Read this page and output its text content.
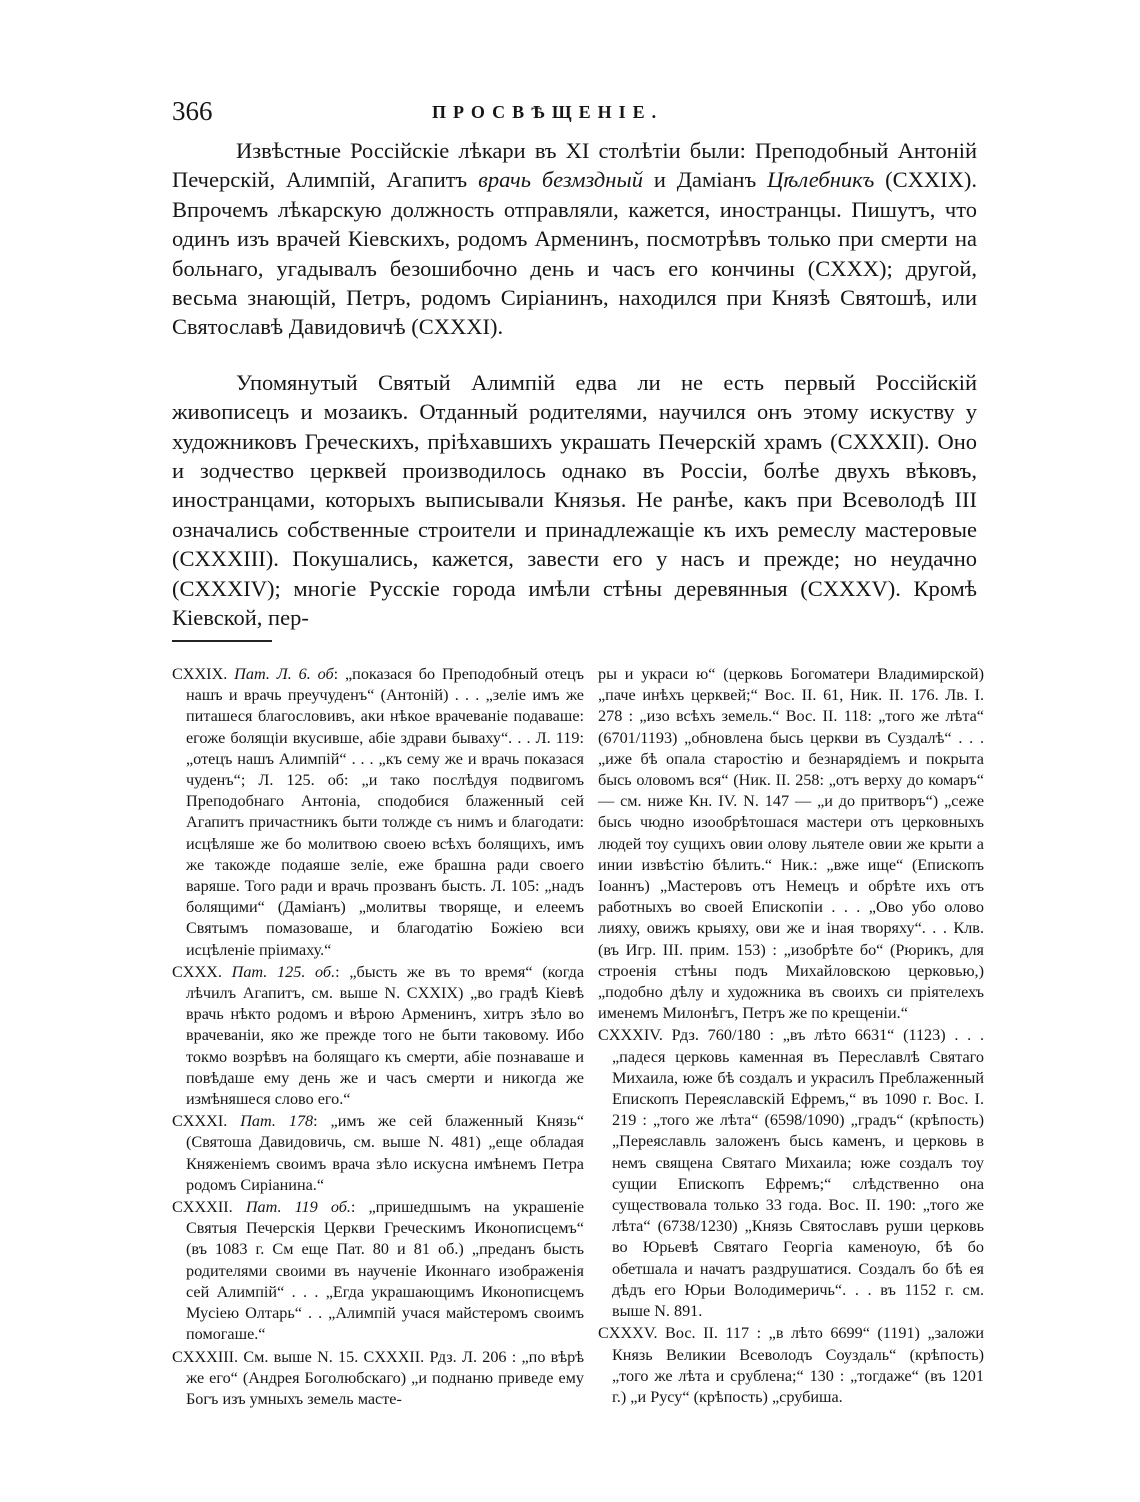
366	ПРОСВѢЩЕНIЕ.

Извѣстные Россiйскiе лѣкари въ XI столѣтiи были: Преподобный Антонiй Печерскiй, Алимпiй, Агапитъ врачь безмздный и Дамiанъ Цѣлебникъ (CXXIX). Впрочемъ лѣкарскую должность отправляли, кажется, иностранцы. Пишутъ, что одинъ изъ врачей Кiевскихъ, родомъ Арменинъ, посмотрѣвъ только при смерти на больнаго, угадывалъ безошибочно день и часъ его кончины (CXXX); другой, весьма знающiй, Петръ, родомъ Сирiанинъ, находился при Князѣ Святошѣ, или Святославѣ Давидовичѣ (CXXXI).

Упомянутый Святый Алимпiй едва ли не есть первый Россiйскiй живописецъ и мозаикъ. Отданный родителями, научился онъ этому искуству у художниковъ Греческихъ, прiѣхавшихъ украшать Печерскiй храмъ (CXXXII). Оно и зодчество церквей производилось однако въ Россiи, болѣе двухъ вѣковъ, иностранцами, которыхъ выписывали Князья. Не ранѣе, какъ при Всеволодѣ III означались собственные строители и принадлежащiе къ ихъ ремеслу мастеровые (CXXXIII). Покушались, кажется, завести его у насъ и прежде; но неудачно (CXXXIV); многiе Русскiе города имѣли стѣны деревянныя (CXXXV). Кромѣ Кiевской, пер-

CXXIX. Пат. Л. 6. об: „показася бо Преподобный отецъ нашъ и врачь преучуденъ“ (Антонiй) . . . „зелiе имъ же питашеся благословивъ, аки нѣкое врачеванiе подаваше: егоже болящiи вкусивше, абiе здрави бываху“. . . Л. 119: „отецъ нашъ Алимпiй“ . . . „къ сему же и врачь показася чуденъ“; Л. 125. об: „и тако послѣдуя подвигомъ Преподобнаго Антонiа, сподобися блаженный сей Агапитъ причастникъ быти толжде съ нимъ и благодати: исцѣляше же бо молитвою своею всѣхъ болящихъ, имъ же такожде подаяше зелiе, еже брашна ради своего варяше. Того ради и врачь прозванъ бысть. Л. 105: „надъ болящими“ (Дамiанъ) „молитвы творяще, и елеемъ Святымъ помазоваше, и благодатiю Божiею вси исцѣленiе прiимаху.“

CXXX. Пат. 125. об.: „бысть же въ то время“ (когда лѣчилъ Агапитъ, см. выше N. CXXIX) „во градѣ Кiевѣ врачь нѣкто родомъ и вѣрою Арменинъ, хитръ зѣло во врачеванiи, яко же прежде того не быти таковому. Ибо токмо возрѣвъ на болящаго къ смерти, абiе познаваше и повѣдаше ему день же и часъ смерти и никогда же измѣняшеся слово его.“

CXXXI. Пат. 178: „имъ же сей блаженный Князь“ (Святоша Давидовичь, см. выше N. 481) „еще обладая Княженiемъ своимъ врача зѣло искусна имѣнемъ Петра родомъ Сирiанина.“

CXXXII. Пат. 119 об.: „пришедшымъ на украшенiе Святыя Печерскiя Церкви Греческимъ Иконописцемъ“ (въ 1083 г. См еще Пат. 80 и 81 об.) „преданъ бысть родителями своими въ наученiе Иконнаго изображенiя сей Алимпiй“ . . . „Егда украшающимъ Иконописцемъ Мусiею Олтарь“ . . „Алимпiй учася майстеромъ своимъ помогаше.“

CXXXIII. См. выше N. 15. CXXXII. Рдз. Л. 206 : „по вѣрѣ же его“ (Андрея Боголюбскаго) „и поднаню приведе ему Богъ изъ умныхъ земель масте-

ры и украси ю“ (церковь Богоматери Владимирской) „паче инѣхъ церквей;“ Вос. II. 61, Ник. II. 176. Лв. I. 278 : „изо всѣхъ земель.“ Вос. II. 118: „того же лѣта“ (6701/1193) „обновлена бысь церкви въ Суздалѣ“ . . . „иже бѣ опала старостiю и безнарядiемъ и покрыта бысь оловомъ вся“ (Ник. II. 258: „отъ верху до комаръ“ — см. ниже Кн. IV. N. 147 — „и до притворъ“) „сеже бысь чюдно изообрѣтошася мастери отъ церковныхъ людей тоу сущихъ овии олову льятеле овии же крыти а инии извѣстiю бѣлить.“ Ник.: „вже ище“ (Епископъ Iоаннъ) „Мастеровъ отъ Немецъ и обрѣте ихъ отъ работныхъ во своей Епископiи . . . „Ово убо олово лияху, овижъ крыяху, ови же и iная творяху“. . . Клв. (въ Игр. III. прим. 153) : „изобрѣте бо“ (Рюрикъ, для строенiя стѣны подъ Михайловскою церковью,) „подобно дѣлу и художника въ своихъ си прiятелехъ именемъ Милонѣгъ, Петръ же по крещенiи.“

CXXXIV. Рдз. 760/180 : „въ лѣто 6631“ (1123) . . . „падеся церковь каменная въ Переславлѣ Святаго Михаила, юже бѣ создалъ и украсилъ Преблаженный Епископъ Переяславскiй Ефремъ,“ въ 1090 г. Вос. I. 219 : „того же лѣта“ (6598/1090) „градъ“ (крѣпость) „Переяславль заложенъ бысь каменъ, и церковь в немъ священа Святаго Михаила; юже создалъ тоу сущии Епископъ Ефремъ;“ слѣдственно она существовала только 33 года. Вос. II. 190: „того же лѣта“ (6738/1230) „Князь Святославъ руши церковь во Юрьевѣ Святаго Георгiа каменоую, бѣ бо обетшала и начатъ раздрушатися. Создалъ бо бѣ ея дѣдъ его Юрьи Володимеричь“. . . въ 1152 г. см. выше N. 891.

CXXXV. Вос. II. 117 : „в лѣто 6699“ (1191) „заложи Князь Великии Всеволодъ Соуздаль“ (крѣпость) „того же лѣта и срублена;“ 130 : „тогдаже“ (въ 1201 г.) „и Русу“ (крѣпость) „срубиша.
